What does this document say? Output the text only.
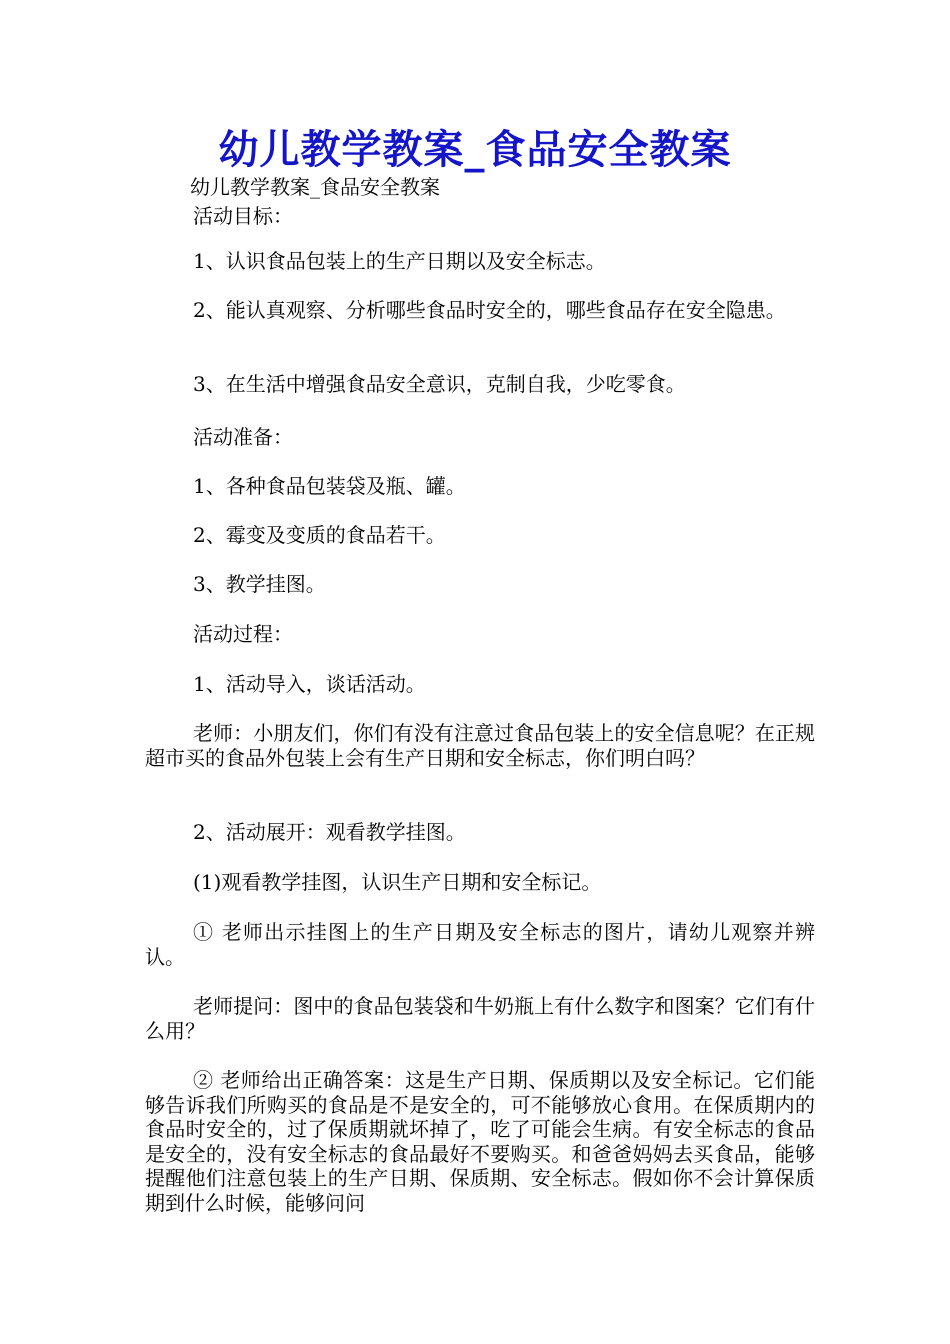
幼儿教学教案_食品安全教案
幼儿教学教案_食品安全教案

活动目标：

1、认识食品包装上的生产日期以及安全标志。

2、能认真观察、分析哪些食品时安全的，哪些食品存在安全隐患。

3、在生活中增强食品安全意识，克制自我，少吃零食。

活动准备：

1、各种食品包装袋及瓶、罐。

2、霉变及变质的食品若干。

3、教学挂图。

活动过程：

1、活动导入，谈话活动。

老师：小朋友们，你们有没有注意过食品包装上的安全信息呢？在正规超市买的食品外包装上会有生产日期和安全标志，你们明白吗？

2、活动展开：观看教学挂图。

(1)观看教学挂图，认识生产日期和安全标记。

① 老师出示挂图上的生产日期及安全标志的图片，请幼儿观察并辨认。

老师提问：图中的食品包装袋和牛奶瓶上有什么数字和图案？它们有什么用？

② 老师给出正确答案：这是生产日期、保质期以及安全标记。它们能够告诉我们所购买的食品是不是安全的，可不能够放心食用。在保质期内的食品时安全的，过了保质期就坏掉了，吃了可能会生病。有安全标志的食品是安全的，没有安全标志的食品最好不要购买。和爸爸妈妈去买食品，能够提醒他们注意包装上的生产日期、保质期、安全标志。假如你不会计算保质期到什么时候，能够问问
